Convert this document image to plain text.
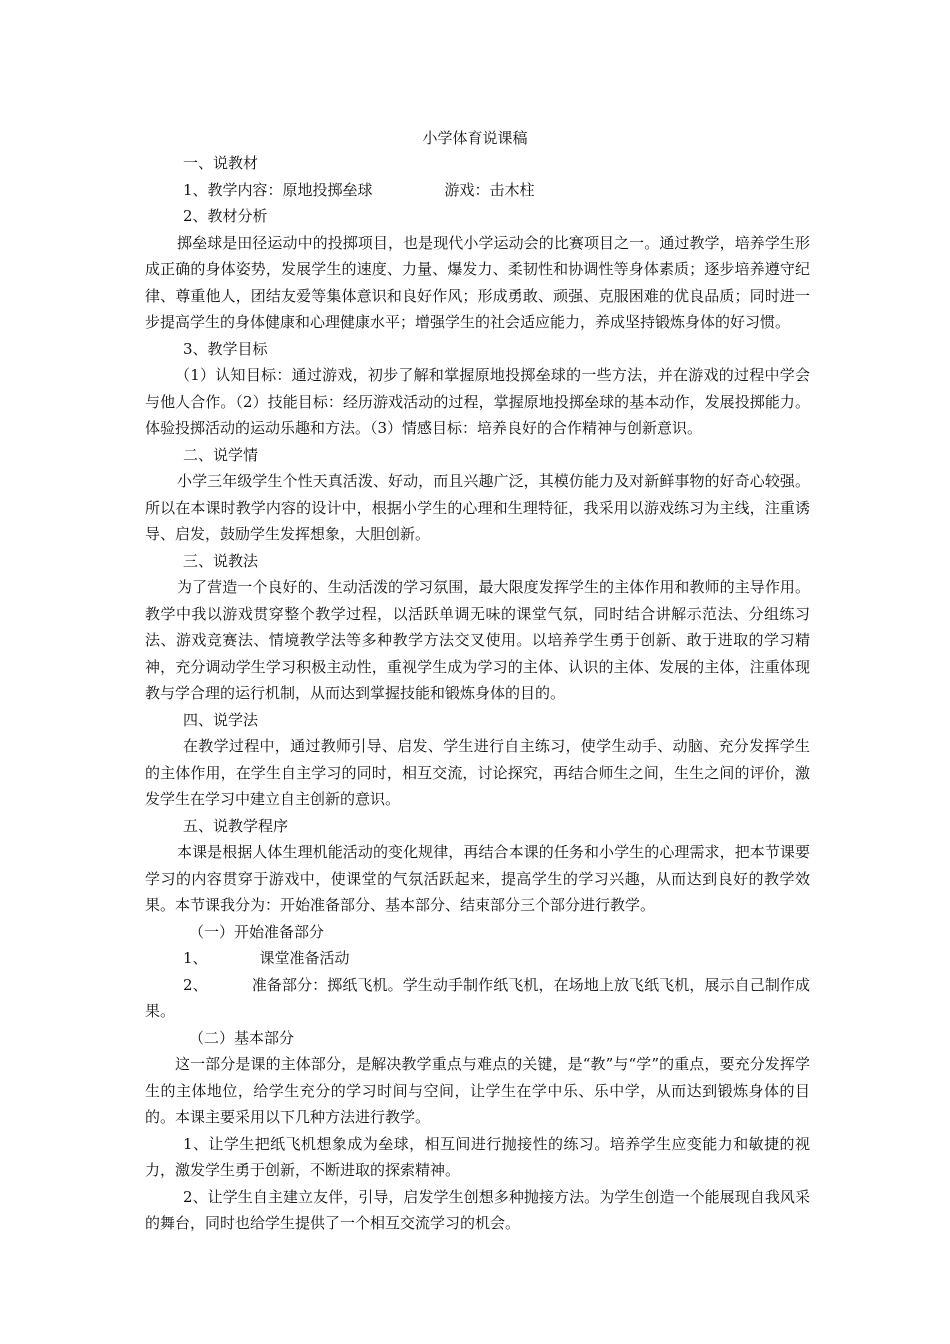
小学体育说课稿

一、说教材

1、教学内容：原地投掷垒球	游戏：击木柱

2、教材分析

掷垒球是田径运动中的投掷项目，也是现代小学运动会的比赛项目之一。通过教学，培养学生形成正确的身体姿势，发展学生的速度、力量、爆发力、柔韧性和协调性等身体素质；逐步培养遵守纪律、尊重他人，团结友爱等集体意识和良好作风；形成勇敢、顽强、克服困难的优良品质；同时进一步提高学生的身体健康和心理健康水平；增强学生的社会适应能力，养成坚持锻炼身体的好习惯。

3、教学目标

（1）认知目标：通过游戏，初步了解和掌握原地投掷垒球的一些方法，并在游戏的过程中学会与他人合作。（2）技能目标：经历游戏活动的过程，掌握原地投掷垒球的基本动作，发展投掷能力。体验投掷活动的运动乐趣和方法。（3）情感目标：培养良好的合作精神与创新意识。

二、说学情

小学三年级学生个性天真活泼、好动，而且兴趣广泛，其模仿能力及对新鲜事物的好奇心较强。所以在本课时教学内容的设计中，根据小学生的心理和生理特征，我采用以游戏练习为主线，注重诱导、启发，鼓励学生发挥想象，大胆创新。

三、说教法

为了营造一个良好的、生动活泼的学习氛围，最大限度发挥学生的主体作用和教师的主导作用。教学中我以游戏贯穿整个教学过程，以活跃单调无味的课堂气氛，同时结合讲解示范法、分组练习法、游戏竞赛法、情境教学法等多种教学方法交叉使用。以培养学生勇于创新、敢于进取的学习精神，充分调动学生学习积极主动性，重视学生成为学习的主体、认识的主体、发展的主体，注重体现教与学合理的运行机制，从而达到掌握技能和锻炼身体的目的。

四、说学法

在教学过程中，通过教师引导、启发、学生进行自主练习，使学生动手、动脑、充分发挥学生的主体作用，在学生自主学习的同时，相互交流，讨论探究，再结合师生之间，生生之间的评价，激发学生在学习中建立自主创新的意识。

五、说教学程序

本课是根据人体生理机能活动的变化规律，再结合本课的任务和小学生的心理需求，把本节课要学习的内容贯穿于游戏中，使课堂的气氛活跃起来，提高学生的学习兴趣，从而达到良好的教学效果。本节课我分为：开始准备部分、基本部分、结束部分三个部分进行教学。

（一）开始准备部分

1、	课堂准备活动

2、	准备部分：掷纸飞机。学生动手制作纸飞机，在场地上放飞纸飞机，展示自己制作成果。

（二）基本部分

这一部分是课的主体部分，是解决教学重点与难点的关键，是“教”与“学”的重点，要充分发挥学生的主体地位，给学生充分的学习时间与空间，让学生在学中乐、乐中学，从而达到锻炼身体的目的。本课主要采用以下几种方法进行教学。

1、让学生把纸飞机想象成为垒球，相互间进行抛接性的练习。培养学生应变能力和敏捷的视力，激发学生勇于创新，不断进取的探索精神。

2、让学生自主建立友伴，引导，启发学生创想多种抛接方法。为学生创造一个能展现自我风采的舞台，同时也给学生提供了一个相互交流学习的机会。
